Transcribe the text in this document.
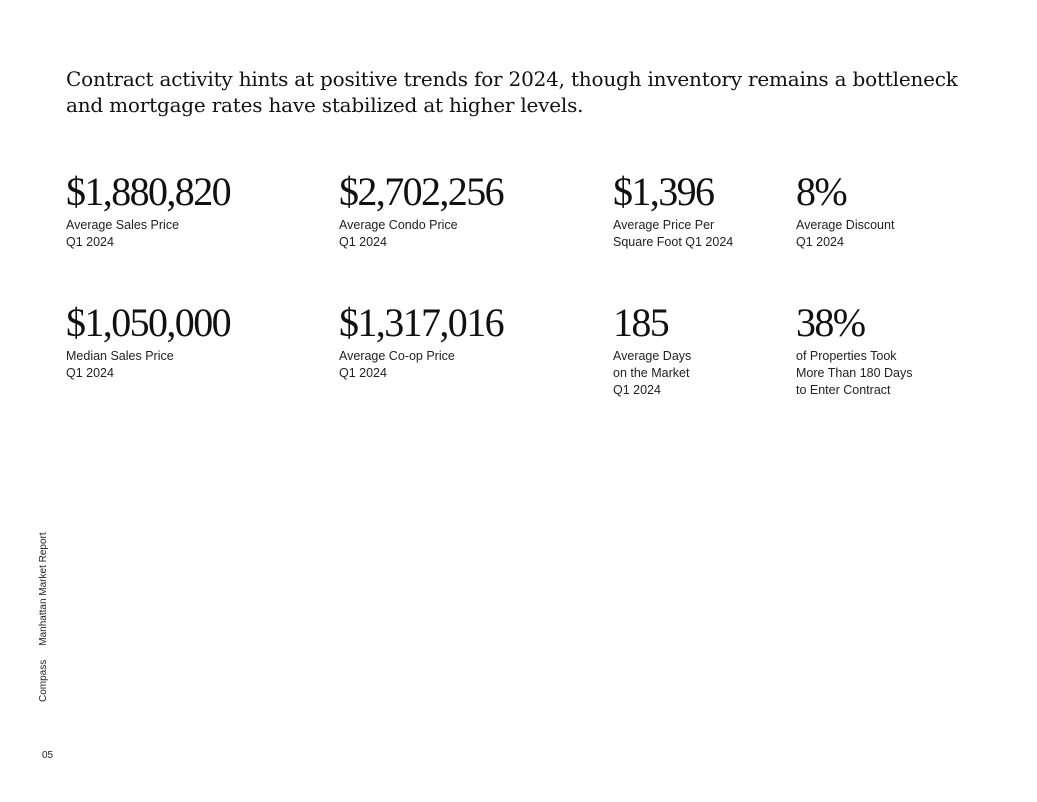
Contract activity hints at positive trends for 2024, though inventory remains a bottleneck and mortgage rates have stabilized at higher levels.

$1,880,820
Average Sales Price
Q1 2024
$2,702,256
Average Condo Price
Q1 2024
$1,396
Average Price Per
Square Foot Q1 2024
8%
Average Discount
Q1 2024
$1,050,000
Median Sales Price
Q1 2024
$1,317,016
Average Co-op Price
Q1 2024
185
Average Days
on the Market
Q1 2024
38%
of Properties Took
More Than 180 Days
to Enter Contract
CompassManhattan Market Report
05
